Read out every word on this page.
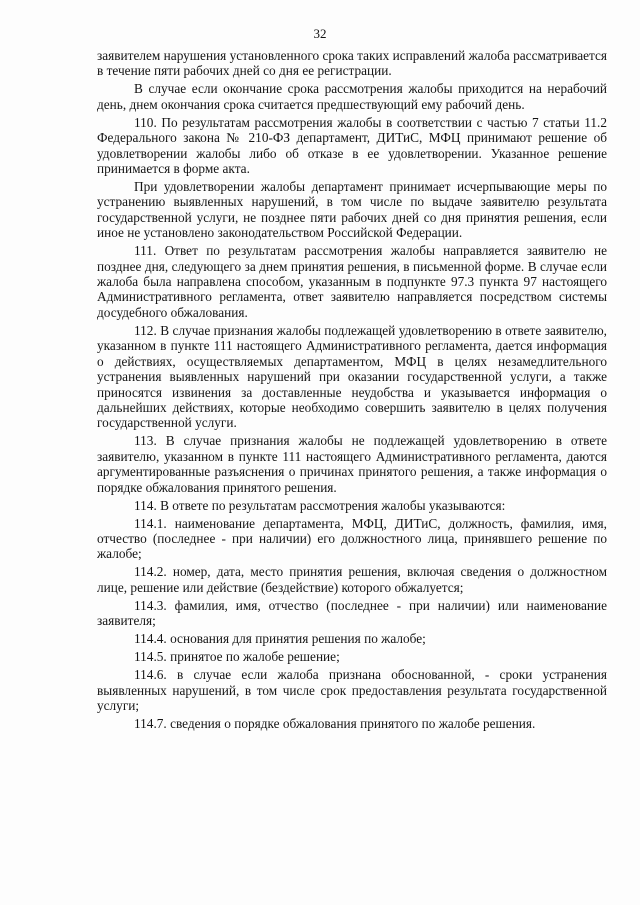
32

заявителем нарушения установленного срока таких исправлений жалоба рассматривается в течение пяти рабочих дней со дня ее регистрации.

В случае если окончание срока рассмотрения жалобы приходится на нерабочий день, днем окончания срока считается предшествующий ему рабочий день.

110. По результатам рассмотрения жалобы в соответствии с частью 7 статьи 11.2 Федерального закона № 210-ФЗ департамент, ДИТиС, МФЦ принимают решение об удовлетворении жалобы либо об отказе в ее удовлетворении. Указанное решение принимается в форме акта.

При удовлетворении жалобы департамент принимает исчерпывающие меры по устранению выявленных нарушений, в том числе по выдаче заявителю результата государственной услуги, не позднее пяти рабочих дней со дня принятия решения, если иное не установлено законодательством Российской Федерации.

111. Ответ по результатам рассмотрения жалобы направляется заявителю не позднее дня, следующего за днем принятия решения, в письменной форме. В случае если жалоба была направлена способом, указанным в подпункте 97.3 пункта 97 настоящего Административного регламента, ответ заявителю направляется посредством системы досудебного обжалования.

112. В случае признания жалобы подлежащей удовлетворению в ответе заявителю, указанном в пункте 111 настоящего Административного регламента, дается информация о действиях, осуществляемых департаментом, МФЦ в целях незамедлительного устранения выявленных нарушений при оказании государственной услуги, а также приносятся извинения за доставленные неудобства и указывается информация о дальнейших действиях, которые необходимо совершить заявителю в целях получения государственной услуги.

113. В случае признания жалобы не подлежащей удовлетворению в ответе заявителю, указанном в пункте 111 настоящего Административного регламента, даются аргументированные разъяснения о причинах принятого решения, а также информация о порядке обжалования принятого решения.

114. В ответе по результатам рассмотрения жалобы указываются:

114.1. наименование департамента, МФЦ, ДИТиС, должность, фамилия, имя, отчество (последнее - при наличии) его должностного лица, принявшего решение по жалобе;

114.2. номер, дата, место принятия решения, включая сведения о должностном лице, решение или действие (бездействие) которого обжалуется;

114.3. фамилия, имя, отчество (последнее - при наличии) или наименование заявителя;

114.4. основания для принятия решения по жалобе;

114.5. принятое по жалобе решение;

114.6. в случае если жалоба признана обоснованной, - сроки устранения выявленных нарушений, в том числе срок предоставления результата государственной услуги;

114.7. сведения о порядке обжалования принятого по жалобе решения.
